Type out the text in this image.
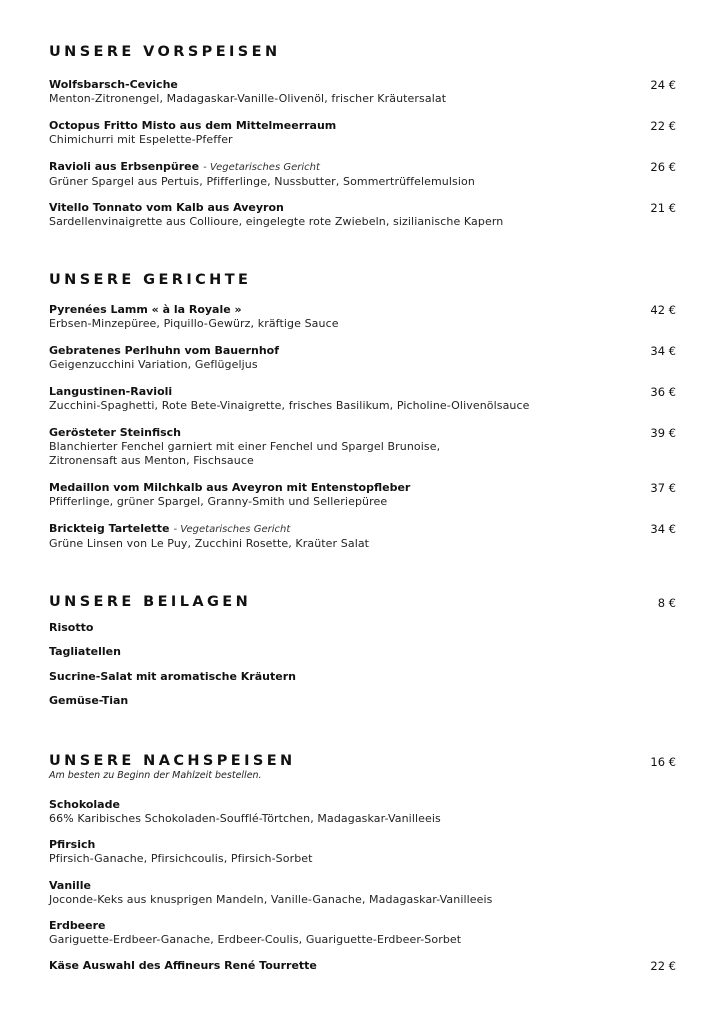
UNSERE VORSPEISEN
Wolfsbarsch-Ceviche
Menton-Zitronengel, Madagaskar-Vanille-Olivenöl, frischer Kräutersalat
24 €
Octopus Fritto Misto aus dem Mittelmeerraum
Chimichurri mit Espelette-Pfeffer
22 €
Ravioli aus Erbsenpüree - Vegetarisches Gericht
Grüner Spargel aus Pertuis, Pfifferlinge, Nussbutter, Sommertrüffelemulsion
26 €
Vitello Tonnato vom Kalb aus Aveyron
Sardellenvinaigrette aus Collioure, eingelegte rote Zwiebeln, sizilianische Kapern
21 €
UNSERE GERICHTE
Pyrenées Lamm « à la Royale »
Erbsen-Minzepüree, Piquillo-Gewürz, kräftige Sauce
42 €
Gebratenes Perlhuhn vom Bauernhof
Geigenzucchini Variation, Geflügeljus
34 €
Langustinen-Ravioli
Zucchini-Spaghetti, Rote Bete-Vinaigrette, frisches Basilikum, Picholine-Olivenölsauce
36 €
Gerösteter Steinfisch
Blanchierter Fenchel garniert mit einer Fenchel und Spargel Brunoise,
Zitronensaft aus Menton, Fischsauce
39 €
Medaillon vom Milchkalb aus Aveyron mit Entenstopfleber
Pfifferlinge, grüner Spargel, Granny-Smith und Selleriepüree
37 €
Brickteig Tartelette - Vegetarisches Gericht
Grüne Linsen von Le Puy, Zucchini Rosette, Kraüter Salat
34 €
UNSERE BEILAGEN	8 €
Risotto
Tagliatellen
Sucrine-Salat mit aromatische Kräutern
Gemüse-Tian
UNSERE NACHSPEISEN
Am besten zu Beginn der Mahlzeit bestellen.
16 €
Schokolade
66% Karibisches Schokoladen-Soufflé-Törtchen, Madagaskar-Vanilleeis
Pfirsich
Pfirsich-Ganache, Pfirsichcoulis, Pfirsich-Sorbet
Vanille
Joconde-Keks aus knusprigen Mandeln, Vanille-Ganache, Madagaskar-Vanilleeis
Erdbeere
Gariguette-Erdbeer-Ganache, Erdbeer-Coulis, Guariguette-Erdbeer-Sorbet
Käse Auswahl des Affineurs René Tourrette	22 €
